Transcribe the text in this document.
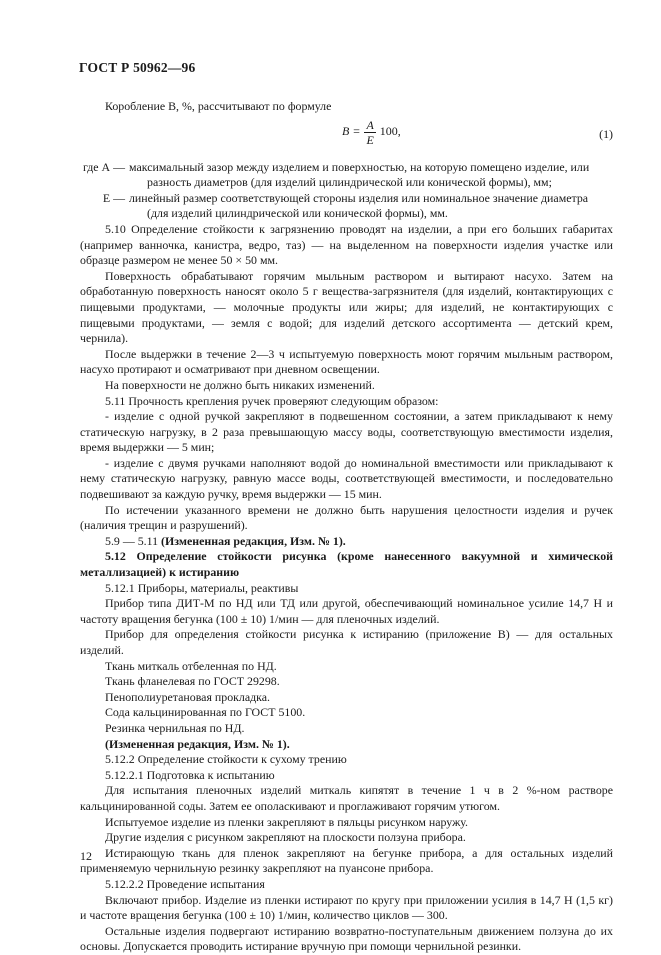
ГОСТ Р 50962—96

Коробление В, %, рассчитывают по формуле

$B = \frac{A}{E} 100$,	(1)
где А — максимальный зазор между изделием и поверхностью, на которую помещено изделие, или
разность диаметров (для изделий цилиндрической или конической формы), мм;
Е — линейный размер соответствующей стороны изделия или номинальное значение диаметра
(для изделий цилиндрической или конической формы), мм.

5.10 Определение стойкости к загрязнению проводят на изделии, а при его больших габаритах (например ванночка, канистра, ведро, таз) — на выделенном на поверхности изделия участке или образце размером не менее 50 × 50 мм.

Поверхность обрабатывают горячим мыльным раствором и вытирают насухо. Затем на обработанную поверхность наносят около 5 г вещества-загрязнителя (для изделий, контактирующих с пищевыми продуктами, — молочные продукты или жиры; для изделий, не контактирующих с пищевыми продуктами, — земля с водой; для изделий детского ассортимента — детский крем, чернила).

После выдержки в течение 2—3 ч испытуемую поверхность моют горячим мыльным раствором, насухо протирают и осматривают при дневном освещении.

На поверхности не должно быть никаких изменений.

5.11 Прочность крепления ручек проверяют следующим образом:

- изделие с одной ручкой закрепляют в подвешенном состоянии, а затем прикладывают к нему статическую нагрузку, в 2 раза превышающую массу воды, соответствующую вместимости изделия, время выдержки — 5 мин;

- изделие с двумя ручками наполняют водой до номинальной вместимости или прикладывают к нему статическую нагрузку, равную массе воды, соответствующей вместимости, и последовательно подвешивают за каждую ручку, время выдержки — 15 мин.

По истечении указанного времени не должно быть нарушения целостности изделия и ручек (наличия трещин и разрушений).

5.9 — 5.11 (Измененная редакция, Изм. № 1).

5.12 Определение стойкости рисунка (кроме нанесенного вакуумной и химической металлизацией) к истиранию

5.12.1 Приборы, материалы, реактивы

Прибор типа ДИТ-М по НД или ТД или другой, обеспечивающий номинальное усилие 14,7 Н и частоту вращения бегунка (100 ± 10) 1/мин — для пленочных изделий.

Прибор для определения стойкости рисунка к истиранию (приложение В) — для остальных изделий.

Ткань миткаль отбеленная по НД.

Ткань фланелевая по ГОСТ 29298.

Пенополиуретановая прокладка.

Сода кальцинированная по ГОСТ 5100.

Резинка чернильная по НД.

(Измененная редакция, Изм. № 1).

5.12.2 Определение стойкости к сухому трению

5.12.2.1 Подготовка к испытанию

Для испытания пленочных изделий миткаль кипятят в течение 1 ч в 2 %-ном растворе кальцинированной соды. Затем ее ополаскивают и проглаживают горячим утюгом.

Испытуемое изделие из пленки закрепляют в пяльцы рисунком наружу.

Другие изделия с рисунком закрепляют на плоскости ползуна прибора.

Истирающую ткань для пленок закрепляют на бегунке прибора, а для остальных изделий применяемую чернильную резинку закрепляют на пуансоне прибора.

5.12.2.2 Проведение испытания

Включают прибор. Изделие из пленки истирают по кругу при приложении усилия в 14,7 Н (1,5 кг) и частоте вращения бегунка (100 ± 10) 1/мин, количество циклов — 300.

Остальные изделия подвергают истиранию возвратно-поступательным движением ползуна до их основы. Допускается проводить истирание вручную при помощи чернильной резинки.

12
